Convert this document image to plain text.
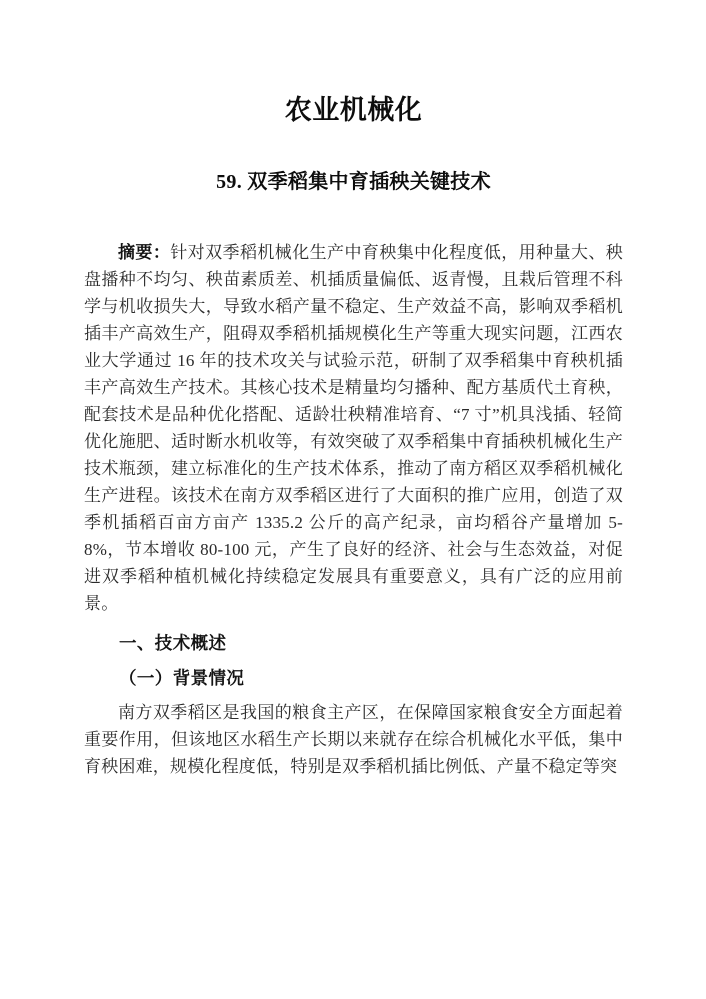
农业机械化
59. 双季稻集中育插秧关键技术

摘要：针对双季稻机械化生产中育秧集中化程度低，用种量大、秧盘播种不均匀、秧苗素质差、机插质量偏低、返青慢，且栽后管理不科学与机收损失大，导致水稻产量不稳定、生产效益不高，影响双季稻机插丰产高效生产，阻碍双季稻机插规模化生产等重大现实问题，江西农业大学通过 16 年的技术攻关与试验示范，研制了双季稻集中育秧机插丰产高效生产技术。其核心技术是精量均匀播种、配方基质代土育秧，配套技术是品种优化搭配、适龄壮秧精准培育、“7 寸”机具浅插、轻简优化施肥、适时断水机收等，有效突破了双季稻集中育插秧机械化生产技术瓶颈，建立标准化的生产技术体系，推动了南方稻区双季稻机械化生产进程。该技术在南方双季稻区进行了大面积的推广应用，创造了双季机插稻百亩方亩产 1335.2 公斤的高产纪录，亩均稻谷产量增加 5-8%，节本增收 80-100 元，产生了良好的经济、社会与生态效益，对促进双季稻种植机械化持续稳定发展具有重要意义，具有广泛的应用前景。

一、技术概述
（一）背景情况

南方双季稻区是我国的粮食主产区，在保障国家粮食安全方面起着重要作用，但该地区水稻生产长期以来就存在综合机械化水平低，集中育秧困难，规模化程度低，特别是双季稻机插比例低、产量不稳定等突
